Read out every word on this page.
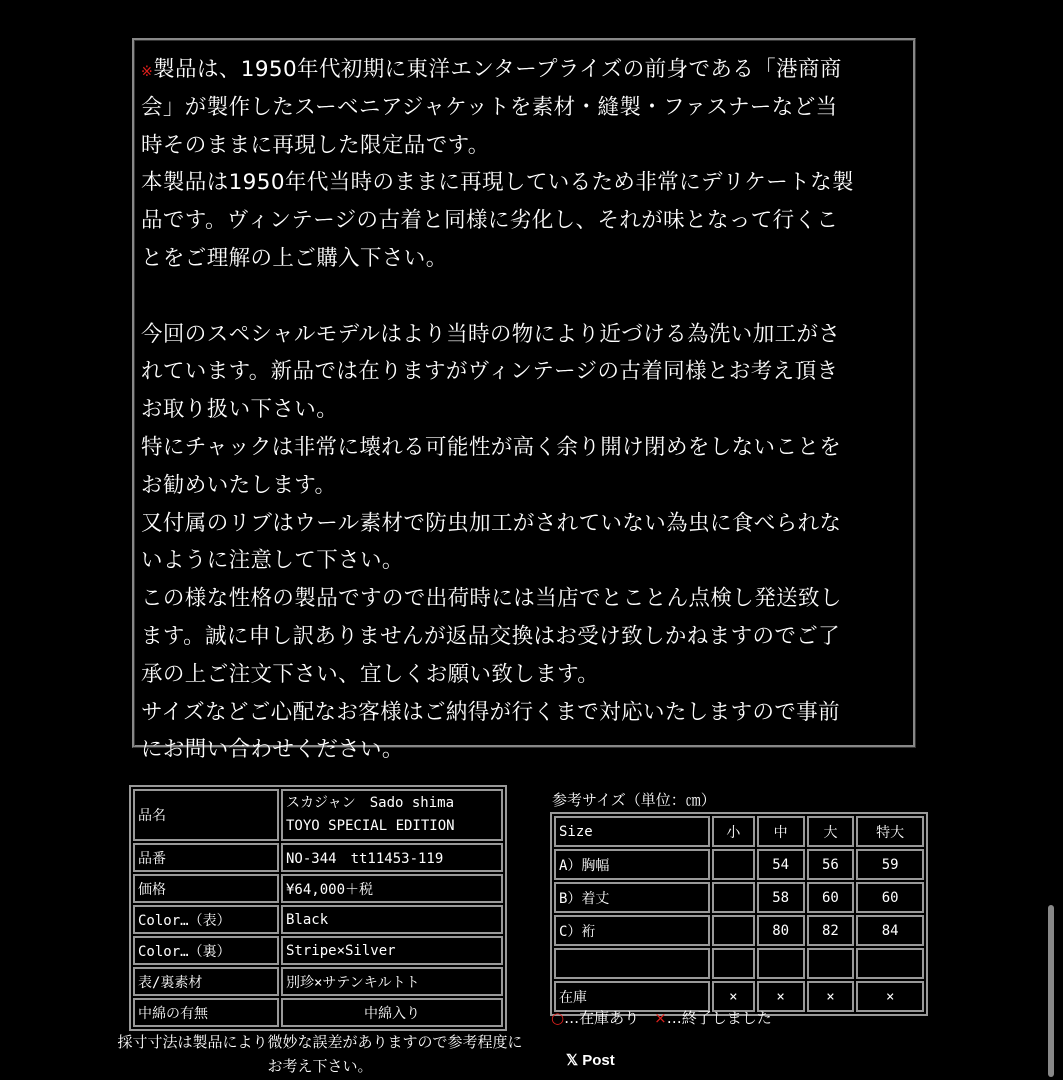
※製品は、1950年代初期に東洋エンタープライズの前身である「港商商
会」が製作したスーベニアジャケットを素材・縫製・ファスナーなど当
時そのままに再現した限定品です。
本製品は1950年代当時のままに再現しているため非常にデリケートな製
品です。ヴィンテージの古着と同様に劣化し、それが味となって行くこ
とをご理解の上ご購入下さい。
今回のスペシャルモデルはより当時の物により近づける為洗い加工がさ
れています。新品では在りますがヴィンテージの古着同様とお考え頂き
お取り扱い下さい。
特にチャックは非常に壊れる可能性が高く余り開け閉めをしないことを
お勧めいたします。
又付属のリブはウール素材で防虫加工がされていない為虫に食べられな
いように注意して下さい。
この様な性格の製品ですので出荷時には当店でとことん点検し発送致し
ます。誠に申し訳ありませんが返品交換はお受け致しかねますのでご了
承の上ご注文下さい、宜しくお願い致します。
サイズなどご心配なお客様はご納得が行くまで対応いたしますので事前
にお問い合わせください。
品名	スカジャン　Sado shima
TOYO SPECIAL EDITION
品番	NO-344　tt11453-119
価格	¥64,000＋税
Color…（表）	Black
Color…（裏）	Stripe×Silver
表/裏素材	別珍×サテンキルトト
中綿の有無	中綿入り
採寸寸法は製品により微妙な誤差がありますので参考程度に
お考え下さい。
参考サイズ（単位：㎝）
Size	小	中	大	特大
A）胸幅		54	56	59
B）着丈		58	60	60
C）裄		80	82	84

在庫	×	×	×	×
○…在庫あり　 ×…終了しました
𝕏 Post
